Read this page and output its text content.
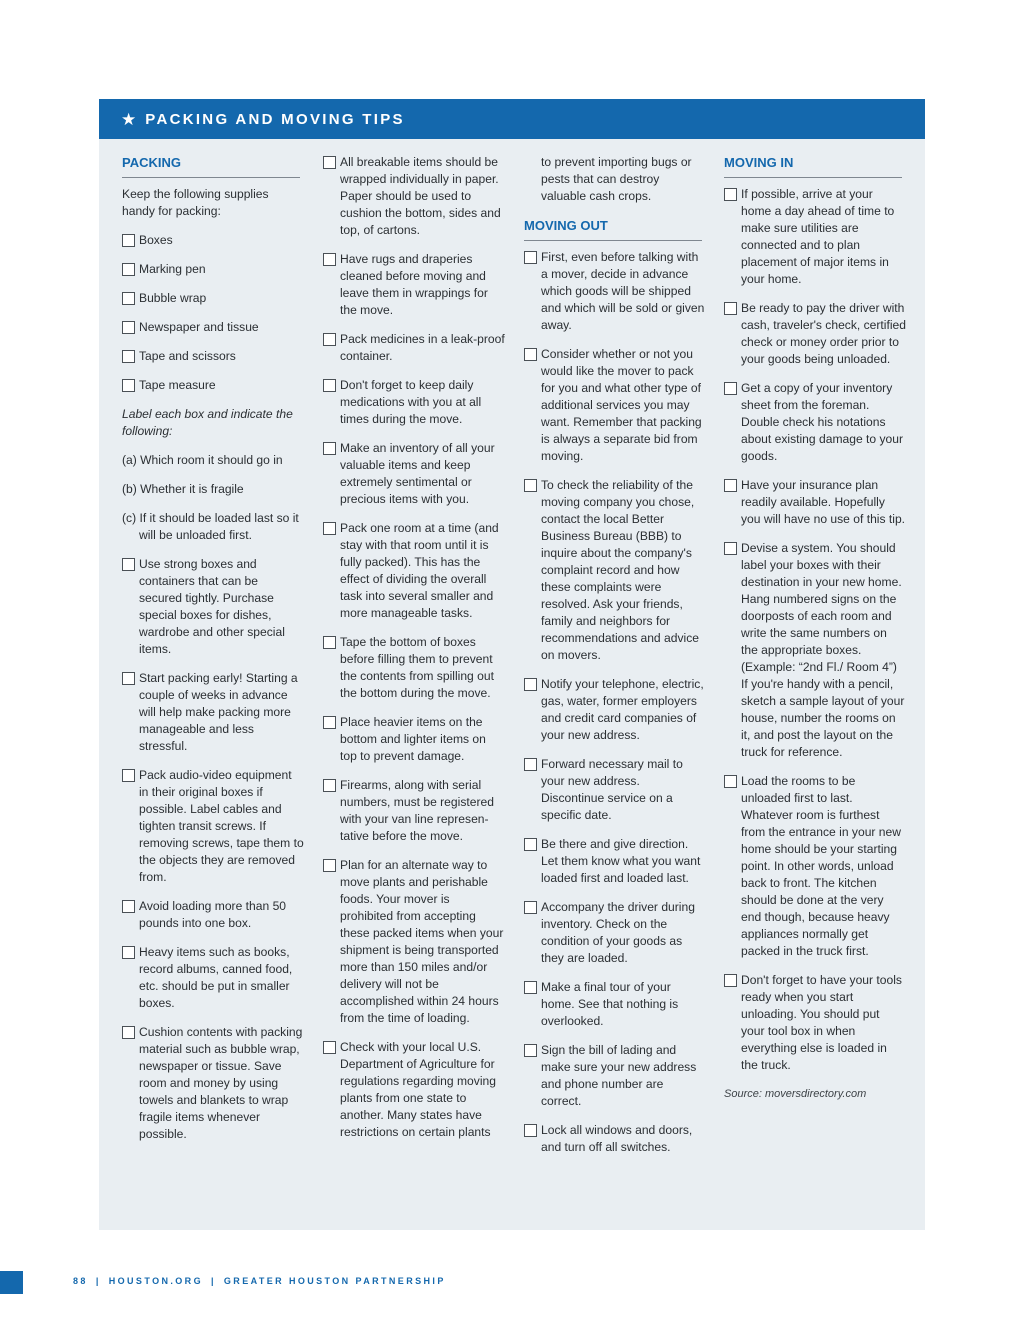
★ PACKING AND MOVING TIPS
PACKING
Keep the following supplies handy for packing:
Boxes
Marking pen
Bubble wrap
Newspaper and tissue
Tape and scissors
Tape measure
Label each box and indicate the following:
(a) Which room it should go in
(b) Whether it is fragile
(c) If it should be loaded last so it will be unloaded first.
Use strong boxes and containers that can be secured tightly. Purchase special boxes for dishes, wardrobe and other special items.
Start packing early! Starting a couple of weeks in advance will help make packing more manageable and less stressful.
Pack audio-video equipment in their original boxes if possible. Label cables and tighten transit screws. If removing screws, tape them to the objects they are removed from.
Avoid loading more than 50 pounds into one box.
Heavy items such as books, record albums, canned food, etc. should be put in smaller boxes.
Cushion contents with packing material such as bubble wrap, newspaper or tissue. Save room and money by using towels and blankets to wrap fragile items whenever possible.
All breakable items should be wrapped individually in paper. Paper should be used to cushion the bottom, sides and top, of cartons.
Have rugs and draperies cleaned before moving and leave them in wrappings for the move.
Pack medicines in a leak-proof container.
Don't forget to keep daily medications with you at all times during the move.
Make an inventory of all your valuable items and keep extremely sentimental or precious items with you.
Pack one room at a time (and stay with that room until it is fully packed). This has the effect of dividing the overall task into several smaller and more manageable tasks.
Tape the bottom of boxes before filling them to prevent the contents from spilling out the bottom during the move.
Place heavier items on the bottom and lighter items on top to prevent damage.
Firearms, along with serial numbers, must be registered with your van line represen-tative before the move.
Plan for an alternate way to move plants and perishable foods. Your mover is prohibited from accepting these packed items when your shipment is being transported more than 150 miles and/or delivery will not be accomplished within 24 hours from the time of loading.
Check with your local U.S. Department of Agriculture for regulations regarding moving plants from one state to another. Many states have restrictions on certain plants
to prevent importing bugs or pests that can destroy valuable cash crops.
MOVING OUT
First, even before talking with a mover, decide in advance which goods will be shipped and which will be sold or given away.
Consider whether or not you would like the mover to pack for you and what other type of additional services you may want. Remember that packing is always a separate bid from moving.
To check the reliability of the moving company you chose, contact the local Better Business Bureau (BBB) to inquire about the company's complaint record and how these complaints were resolved. Ask your friends, family and neighbors for recommendations and advice on movers.
Notify your telephone, electric, gas, water, former employers and credit card companies of your new address.
Forward necessary mail to your new address. Discontinue service on a specific date.
Be there and give direction. Let them know what you want loaded first and loaded last.
Accompany the driver during inventory. Check on the condition of your goods as they are loaded.
Make a final tour of your home. See that nothing is overlooked.
Sign the bill of lading and make sure your new address and phone number are correct.
Lock all windows and doors, and turn off all switches.
MOVING IN
If possible, arrive at your home a day ahead of time to make sure utilities are connected and to plan placement of major items in your home.
Be ready to pay the driver with cash, traveler's check, certified check or money order prior to your goods being unloaded.
Get a copy of your inventory sheet from the foreman. Double check his notations about existing damage to your goods.
Have your insurance plan readily available. Hopefully you will have no use of this tip.
Devise a system. You should label your boxes with their destination in your new home. Hang numbered signs on the doorposts of each room and write the same numbers on the appropriate boxes. (Example: “2nd Fl./ Room 4”) If you're handy with a pencil, sketch a sample layout of your house, number the rooms on it, and post the layout on the truck for reference.
Load the rooms to be unloaded first to last. Whatever room is furthest from the entrance in your new home should be your starting point. In other words, unload back to front. The kitchen should be done at the very end though, because heavy appliances normally get packed in the truck first.
Don't forget to have your tools ready when you start unloading. You should put your tool box in when everything else is loaded in the truck.
Source: moversdirectory.com
88 | HOUSTON.ORG | GREATER HOUSTON PARTNERSHIP
